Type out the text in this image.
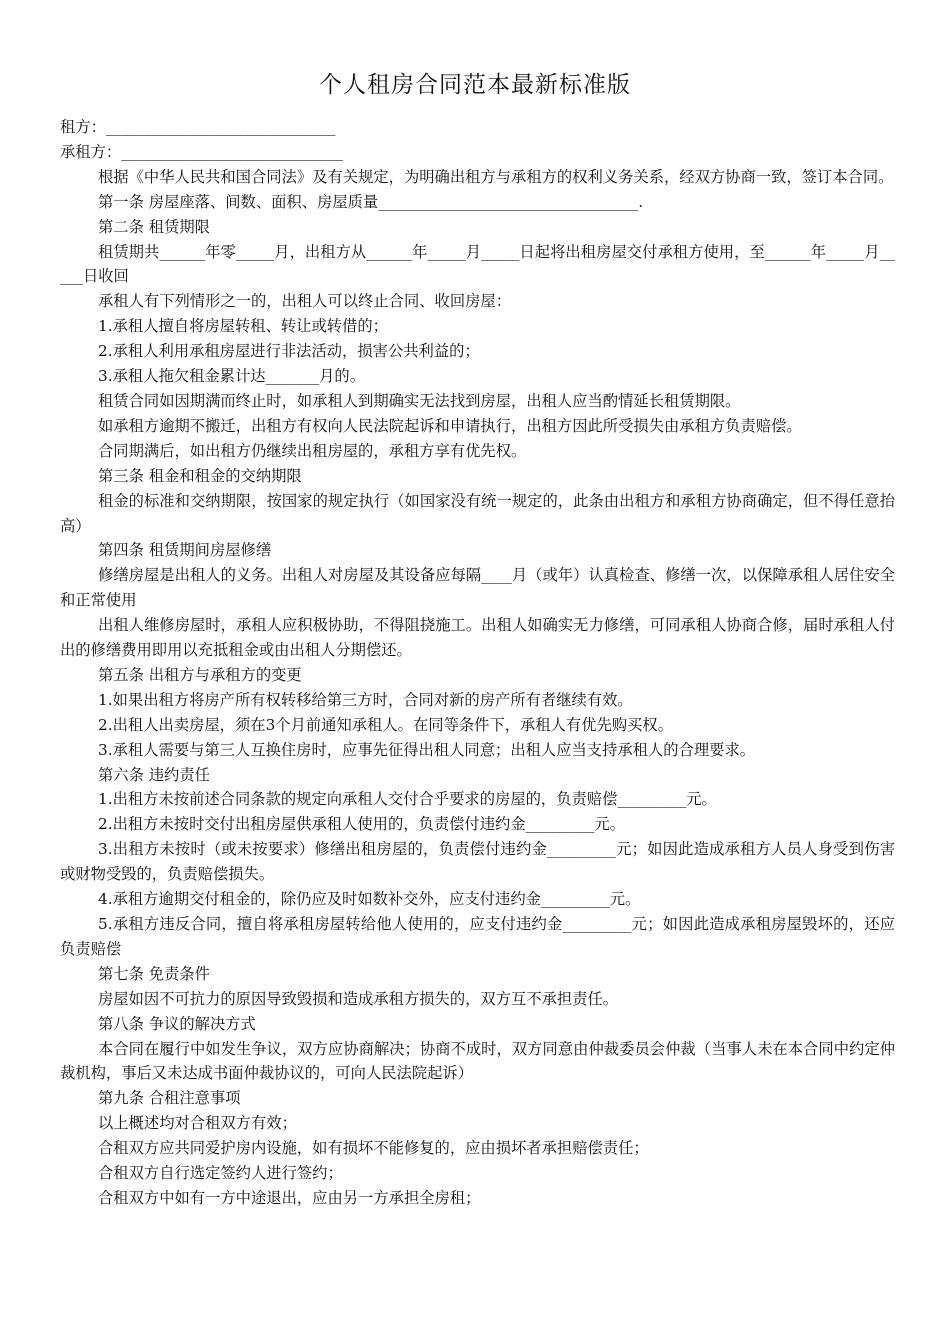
个人租房合同范本最新标准版

租方：______________________________

承租方：_____________________________

根据《中华人民共和国合同法》及有关规定，为明确出租方与承租方的权利义务关系，经双方协商一致，签订本合同。

第一条 房屋座落、间数、面积、房屋质量__________________________________.

第二条 租赁期限

租赁期共______年零_____月，出租方从______年_____月_____日起将出租房屋交付承租方使用，至______年_____月_____日收回

承租人有下列情形之一的，出租人可以终止合同、收回房屋：

1.承租人擅自将房屋转租、转让或转借的；

2.承租人利用承租房屋进行非法活动，损害公共利益的；

3.承租人拖欠租金累计达_______月的。

租赁合同如因期满而终止时，如承租人到期确实无法找到房屋，出租人应当酌情延长租赁期限。

如承租方逾期不搬迁，出租方有权向人民法院起诉和申请执行，出租方因此所受损失由承租方负责赔偿。

合同期满后，如出租方仍继续出租房屋的，承租方享有优先权。

第三条 租金和租金的交纳期限

租金的标准和交纳期限，按国家的规定执行（如国家没有统一规定的，此条由出租方和承租方协商确定，但不得任意抬高）

第四条 租赁期间房屋修缮

修缮房屋是出租人的义务。出租人对房屋及其设备应每隔____月（或年）认真检查、修缮一次，以保障承租人居住安全和正常使用

出租人维修房屋时，承租人应积极协助，不得阻挠施工。出租人如确实无力修缮，可同承租人协商合修，届时承租人付出的修缮费用即用以充抵租金或由出租人分期偿还。

第五条 出租方与承租方的变更

1.如果出租方将房产所有权转移给第三方时，合同对新的房产所有者继续有效。

2.出租人出卖房屋，须在3个月前通知承租人。在同等条件下，承租人有优先购买权。

3.承租人需要与第三人互换住房时，应事先征得出租人同意；出租人应当支持承租人的合理要求。

第六条 违约责任

1.出租方未按前述合同条款的规定向承租人交付合乎要求的房屋的，负责赔偿_________元。

2.出租方未按时交付出租房屋供承租人使用的，负责偿付违约金_________元。

3.出租方未按时（或未按要求）修缮出租房屋的，负责偿付违约金_________元；如因此造成承租方人员人身受到伤害或财物受毁的，负责赔偿损失。

4.承租方逾期交付租金的，除仍应及时如数补交外，应支付违约金_________元。

5.承租方违反合同，擅自将承租房屋转给他人使用的，应支付违约金_________元；如因此造成承租房屋毁坏的，还应负责赔偿

第七条 免责条件

房屋如因不可抗力的原因导致毁损和造成承租方损失的，双方互不承担责任。

第八条 争议的解决方式

本合同在履行中如发生争议，双方应协商解决；协商不成时，双方同意由仲裁委员会仲裁（当事人未在本合同中约定仲裁机构，事后又未达成书面仲裁协议的，可向人民法院起诉）

第九条 合租注意事项

以上概述均对合租双方有效；

合租双方应共同爱护房内设施，如有损坏不能修复的，应由损坏者承担赔偿责任；

合租双方自行选定签约人进行签约；

合租双方中如有一方中途退出，应由另一方承担全房租；
